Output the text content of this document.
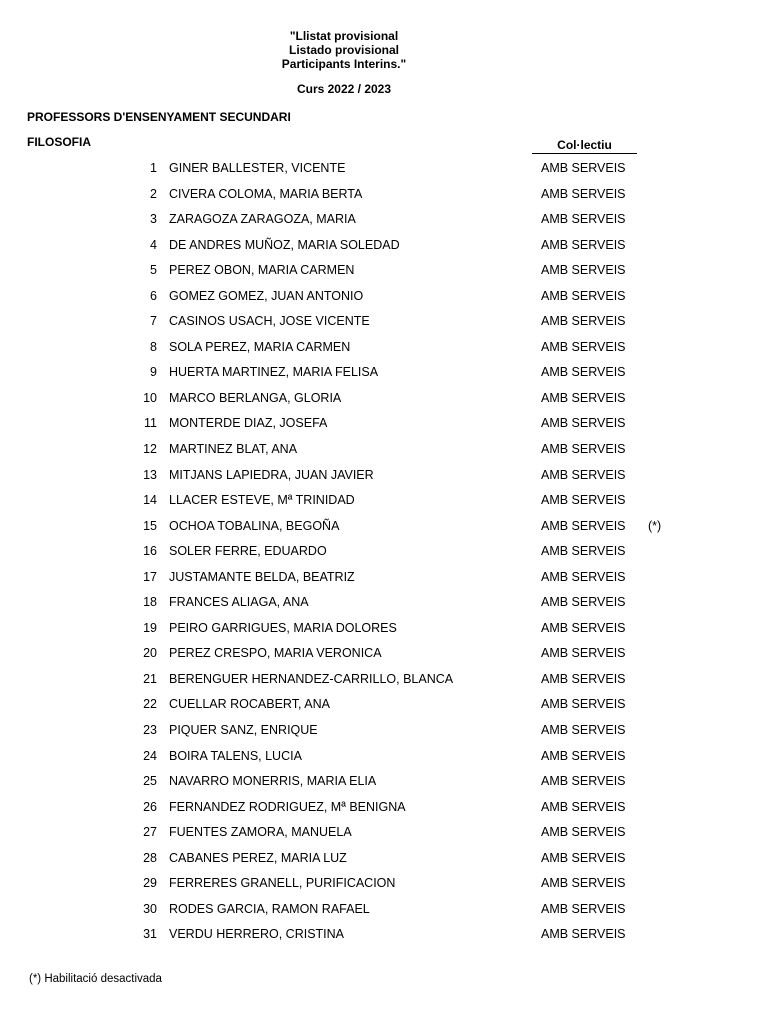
"Llistat provisional
Listado provisional
Participants Interins."
Curs 2022 / 2023
PROFESSORS D'ENSENYAMENT SECUNDARI
FILOSOFIA	Col·lectiu
1 GINER BALLESTER, VICENTE	AMB SERVEIS
2 CIVERA COLOMA, MARIA BERTA	AMB SERVEIS
3 ZARAGOZA ZARAGOZA, MARIA	AMB SERVEIS
4 DE ANDRES MUÑOZ, MARIA SOLEDAD	AMB SERVEIS
5 PEREZ OBON, MARIA CARMEN	AMB SERVEIS
6 GOMEZ GOMEZ, JUAN ANTONIO	AMB SERVEIS
7 CASINOS USACH, JOSE VICENTE	AMB SERVEIS
8 SOLA PEREZ, MARIA CARMEN	AMB SERVEIS
9 HUERTA MARTINEZ, MARIA FELISA	AMB SERVEIS
10 MARCO BERLANGA, GLORIA	AMB SERVEIS
11 MONTERDE DIAZ, JOSEFA	AMB SERVEIS
12 MARTINEZ BLAT, ANA	AMB SERVEIS
13 MITJANS LAPIEDRA, JUAN JAVIER	AMB SERVEIS
14 LLACER ESTEVE, Mª TRINIDAD	AMB SERVEIS
15 OCHOA TOBALINA, BEGOÑA	AMB SERVEIS (*)
16 SOLER FERRE, EDUARDO	AMB SERVEIS
17 JUSTAMANTE BELDA, BEATRIZ	AMB SERVEIS
18 FRANCES ALIAGA, ANA	AMB SERVEIS
19 PEIRO GARRIGUES, MARIA DOLORES	AMB SERVEIS
20 PEREZ CRESPO, MARIA VERONICA	AMB SERVEIS
21 BERENGUER HERNANDEZ-CARRILLO, BLANCA	AMB SERVEIS
22 CUELLAR ROCABERT, ANA	AMB SERVEIS
23 PIQUER SANZ, ENRIQUE	AMB SERVEIS
24 BOIRA TALENS, LUCIA	AMB SERVEIS
25 NAVARRO MONERRIS, MARIA ELIA	AMB SERVEIS
26 FERNANDEZ RODRIGUEZ, Mª BENIGNA	AMB SERVEIS
27 FUENTES ZAMORA, MANUELA	AMB SERVEIS
28 CABANES PEREZ, MARIA LUZ	AMB SERVEIS
29 FERRERES GRANELL, PURIFICACION	AMB SERVEIS
30 RODES GARCIA, RAMON RAFAEL	AMB SERVEIS
31 VERDU HERRERO, CRISTINA	AMB SERVEIS
(*) Habilitació desactivada
